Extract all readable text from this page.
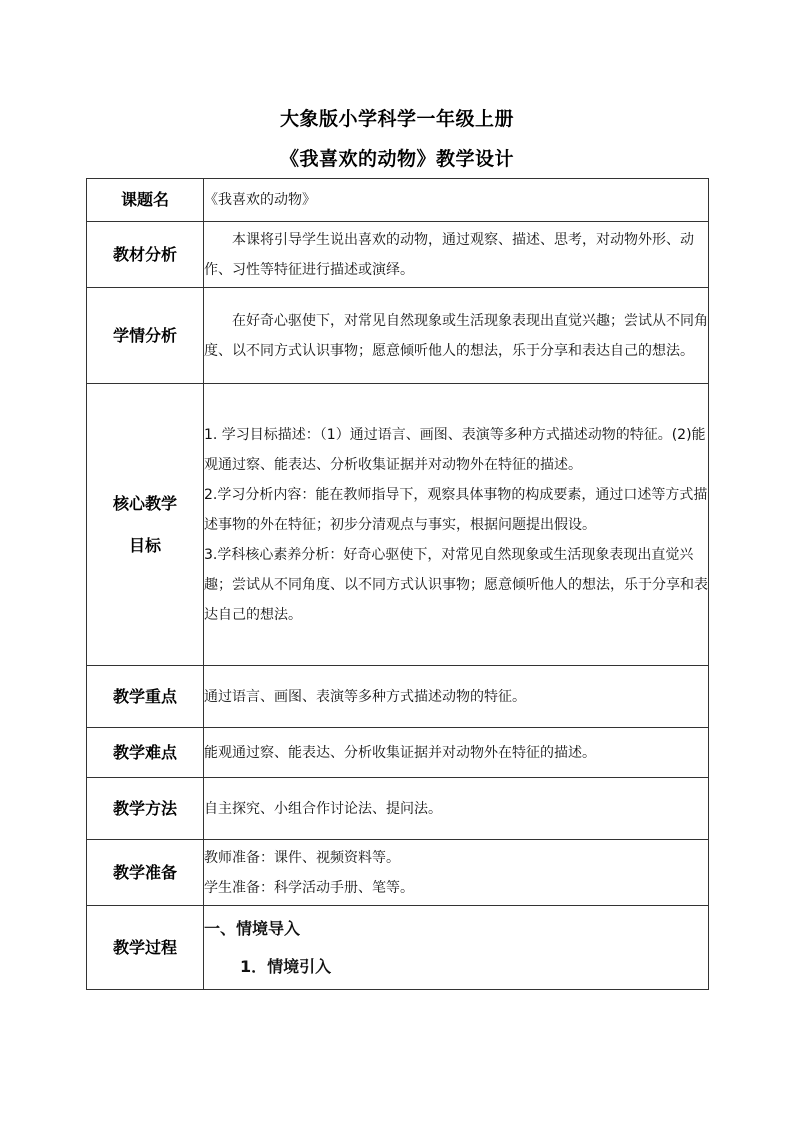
大象版小学科学一年级上册
《我喜欢的动物》教学设计
课题名	《我喜欢的动物》
教材分析	本课将引导学生说出喜欢的动物，通过观察、描述、思考，对动物外形、动作、习性等特征进行描述或演绎。
学情分析	在好奇心驱使下，对常见自然现象或生活现象表现出直觉兴趣；尝试从不同角度、以不同方式认识事物；愿意倾听他人的想法，乐于分享和表达自己的想法。

核心教学
目标	1. 学习目标描述：（1）通过语言、画图、表演等多种方式描述动物的特征。(2)能观通过察、能表达、分析收集证据并对动物外在特征的描述。
2.学习分析内容：能在教师指导下，观察具体事物的构成要素，通过口述等方式描述事物的外在特征；初步分清观点与事实，根据问题提出假设。
3.学科核心素养分析：好奇心驱使下，对常见自然现象或生活现象表现出直觉兴趣；尝试从不同角度、以不同方式认识事物；愿意倾听他人的想法，乐于分享和表达自己的想法。

教学重点	通过语言、画图、表演等多种方式描述动物的特征。
教学难点	能观通过察、能表达、分析收集证据并对动物外在特征的描述。
教学方法	自主探究、小组合作讨论法、提问法。
教学准备	教师准备：课件、视频资料等。
学生准备：科学活动手册、笔等。

教学过程	一、情境导入
1．情境引入
